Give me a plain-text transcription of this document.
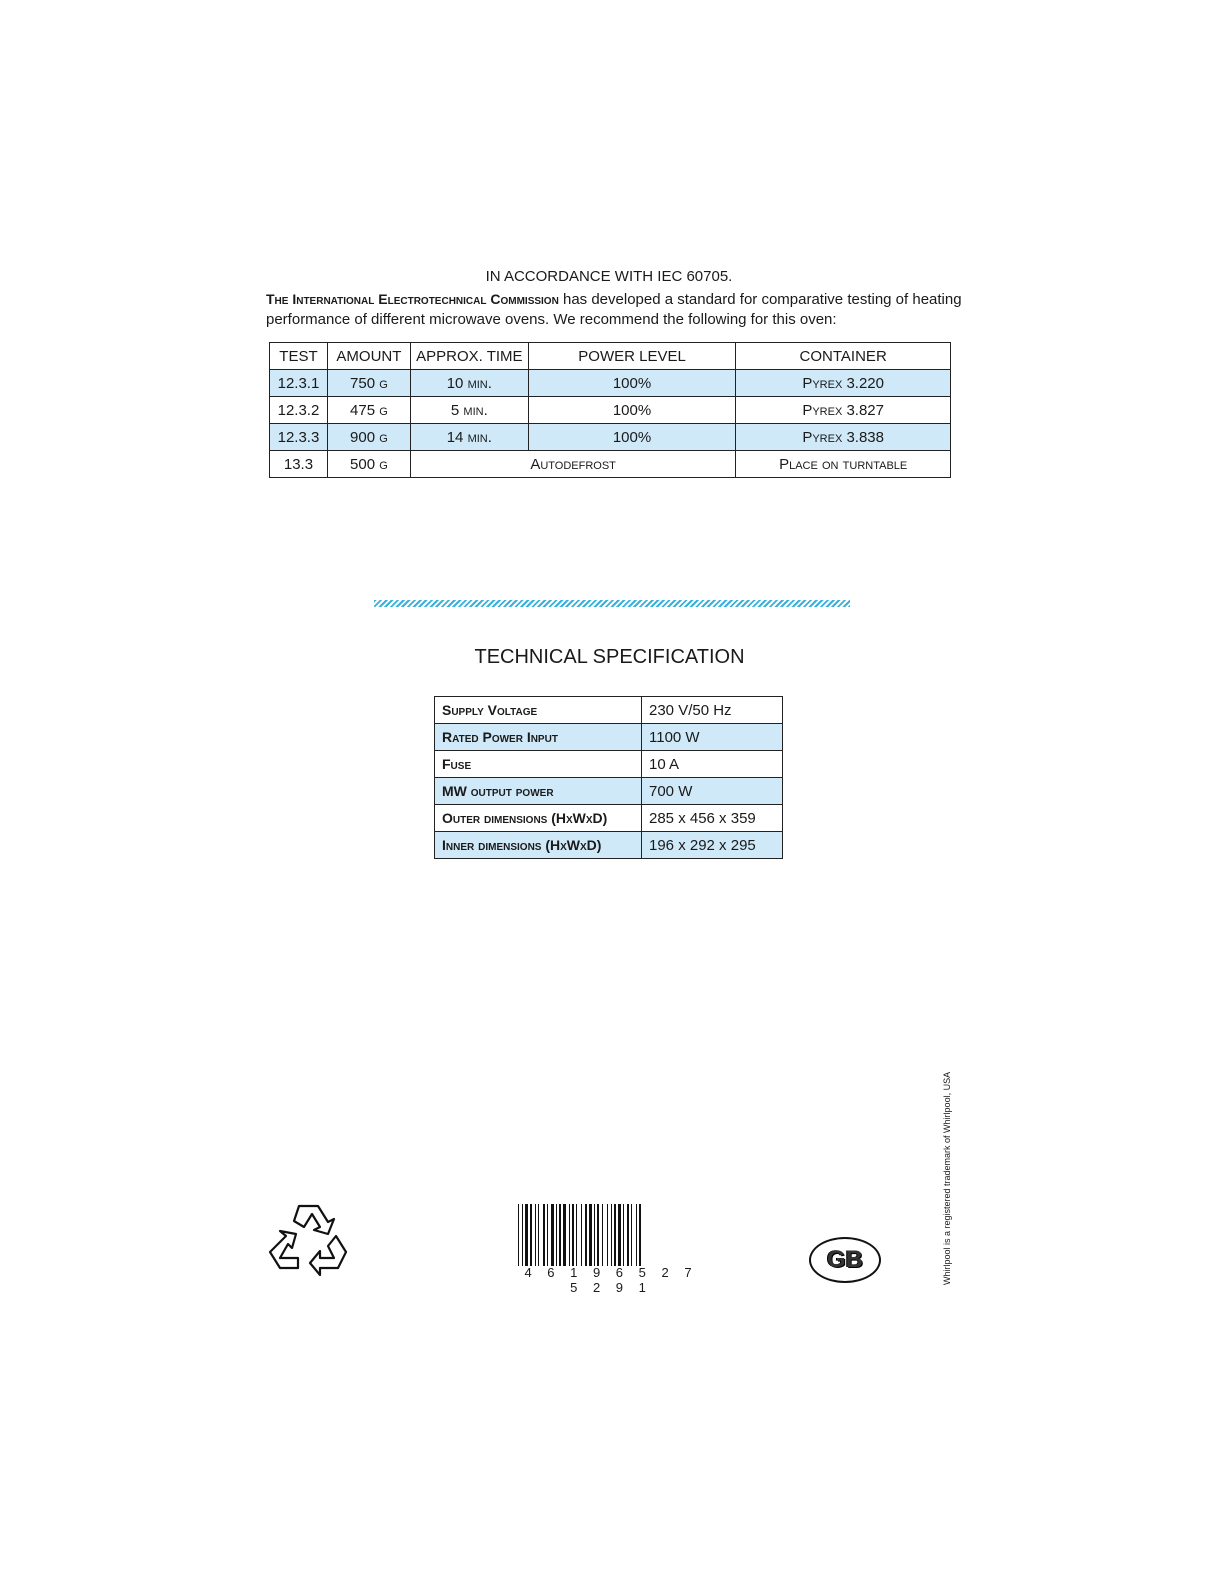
IN ACCORDANCE WITH IEC 60705.
The International Electrotechnical Commission has developed a standard for comparative testing of heating performance of different microwave ovens. We recommend the following for this oven:
TEST	AMOUNT	APPROX. TIME	POWER LEVEL	CONTAINER
12.3.1	750 g	10 min.	100%	Pyrex 3.220
12.3.2	475 g	5 min.	100%	Pyrex 3.827
12.3.3	900 g	14 min.	100%	Pyrex 3.838
13.3	500 g	Autodefrost		Place on turntable
TECHNICAL SPECIFICATION
Supply Voltage	230 V/50 Hz
Rated Power Input	1100 W
Fuse	10 A
MW output power	700 W
Outer dimensions (HxWxD)	285 x 456 x 359
Inner dimensions (HxWxD)	196 x 292 x 295
Whirlpool is a registered trademark of Whirlpool, USA
4 6 1 9 6 5 2 7 5 2 9 1
GB
